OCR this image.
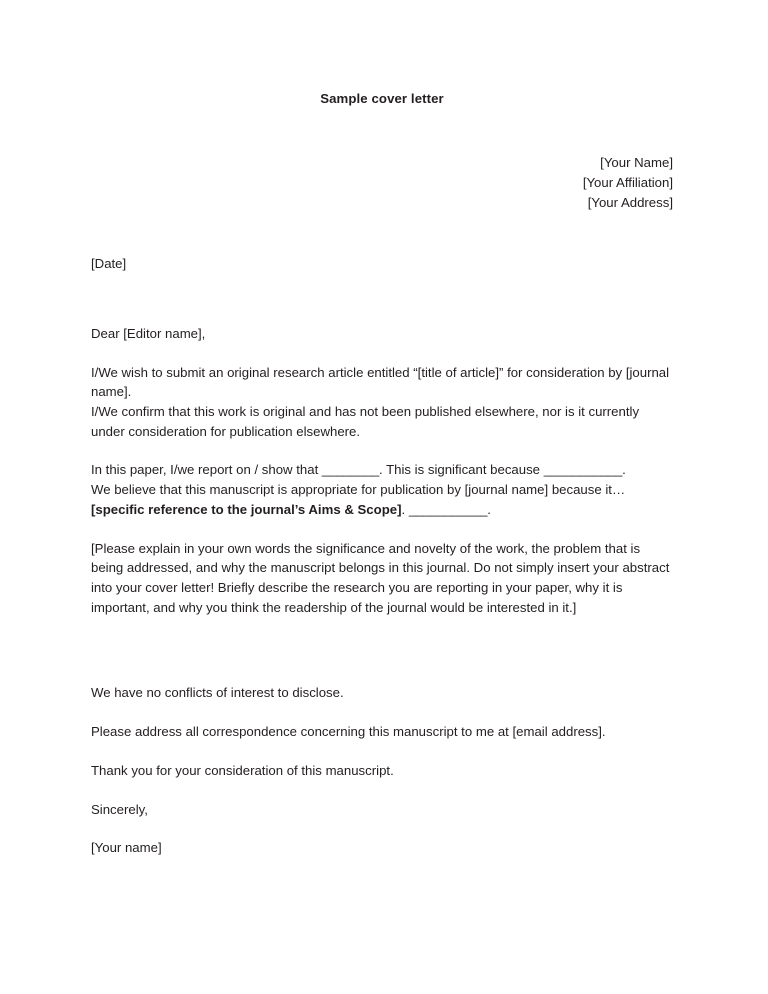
Sample cover letter
[Your Name]
[Your Affiliation]
[Your Address]
[Date]
Dear [Editor name],
I/We wish to submit an original research article entitled “[title of article]” for consideration by [journal name].
I/We confirm that this work is original and has not been published elsewhere, nor is it currently under consideration for publication elsewhere.
In this paper, I/we report on / show that ________. This is significant because ___________.
We believe that this manuscript is appropriate for publication by [journal name] because it… [specific reference to the journal’s Aims & Scope]. ___________.
[Please explain in your own words the significance and novelty of the work, the problem that is being addressed, and why the manuscript belongs in this journal. Do not simply insert your abstract into your cover letter! Briefly describe the research you are reporting in your paper, why it is important, and why you think the readership of the journal would be interested in it.]
We have no conflicts of interest to disclose.
Please address all correspondence concerning this manuscript to me at [email address].
Thank you for your consideration of this manuscript.
Sincerely,
[Your name]
